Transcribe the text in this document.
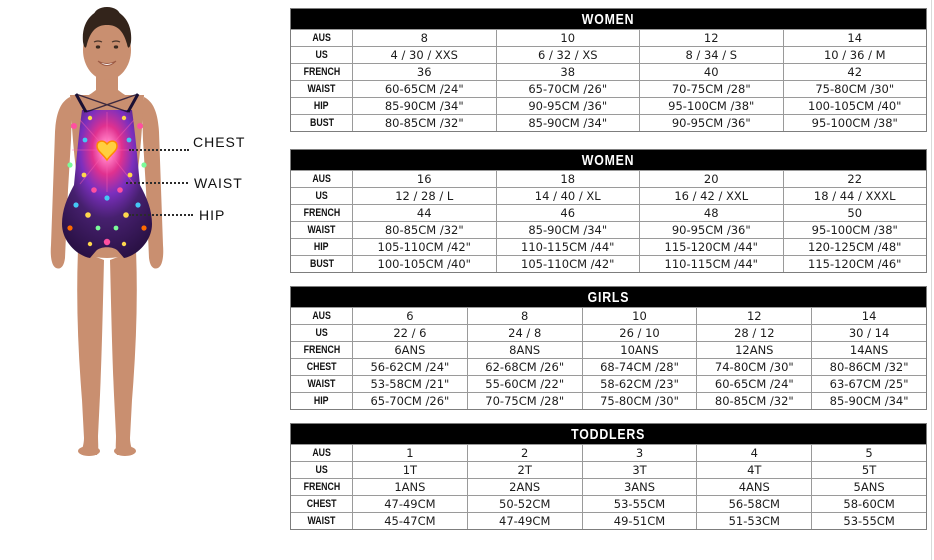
CHEST
WAIST
HIP
WOMEN
AUS	8	10	12	14
US	4 / 30 / XXS	6 / 32 / XS	8 / 34 / S	10 / 36 / M
FRENCH	36	38	40	42
WAIST	60-65CM /24"	65-70CM /26"	70-75CM /28"	75-80CM /30"
HIP	85-90CM /34"	90-95CM /36"	95-100CM /38"	100-105CM /40"
BUST	80-85CM /32"	85-90CM /34"	90-95CM /36"	95-100CM /38"
WOMEN
AUS	16	18	20	22
US	12 / 28 / L	14 / 40 / XL	16 / 42 / XXL	18 / 44 / XXXL
FRENCH	44	46	48	50
WAIST	80-85CM /32"	85-90CM /34"	90-95CM /36"	95-100CM /38"
HIP	105-110CM /42"	110-115CM /44"	115-120CM /44"	120-125CM /48"
BUST	100-105CM /40"	105-110CM /42"	110-115CM /44"	115-120CM /46"
GIRLS
AUS	6	8	10	12	14
US	22 / 6	24 / 8	26 / 10	28 / 12	30 / 14
FRENCH	6ANS	8ANS	10ANS	12ANS	14ANS
CHEST	56-62CM /24"	62-68CM /26"	68-74CM /28"	74-80CM /30"	80-86CM /32"
WAIST	53-58CM /21"	55-60CM /22"	58-62CM /23"	60-65CM /24"	63-67CM /25"
HIP	65-70CM /26"	70-75CM /28"	75-80CM /30"	80-85CM /32"	85-90CM /34"
TODDLERS
AUS	1	2	3	4	5
US	1T	2T	3T	4T	5T
FRENCH	1ANS	2ANS	3ANS	4ANS	5ANS
CHEST	47-49CM	50-52CM	53-55CM	56-58CM	58-60CM
WAIST	45-47CM	47-49CM	49-51CM	51-53CM	53-55CM
